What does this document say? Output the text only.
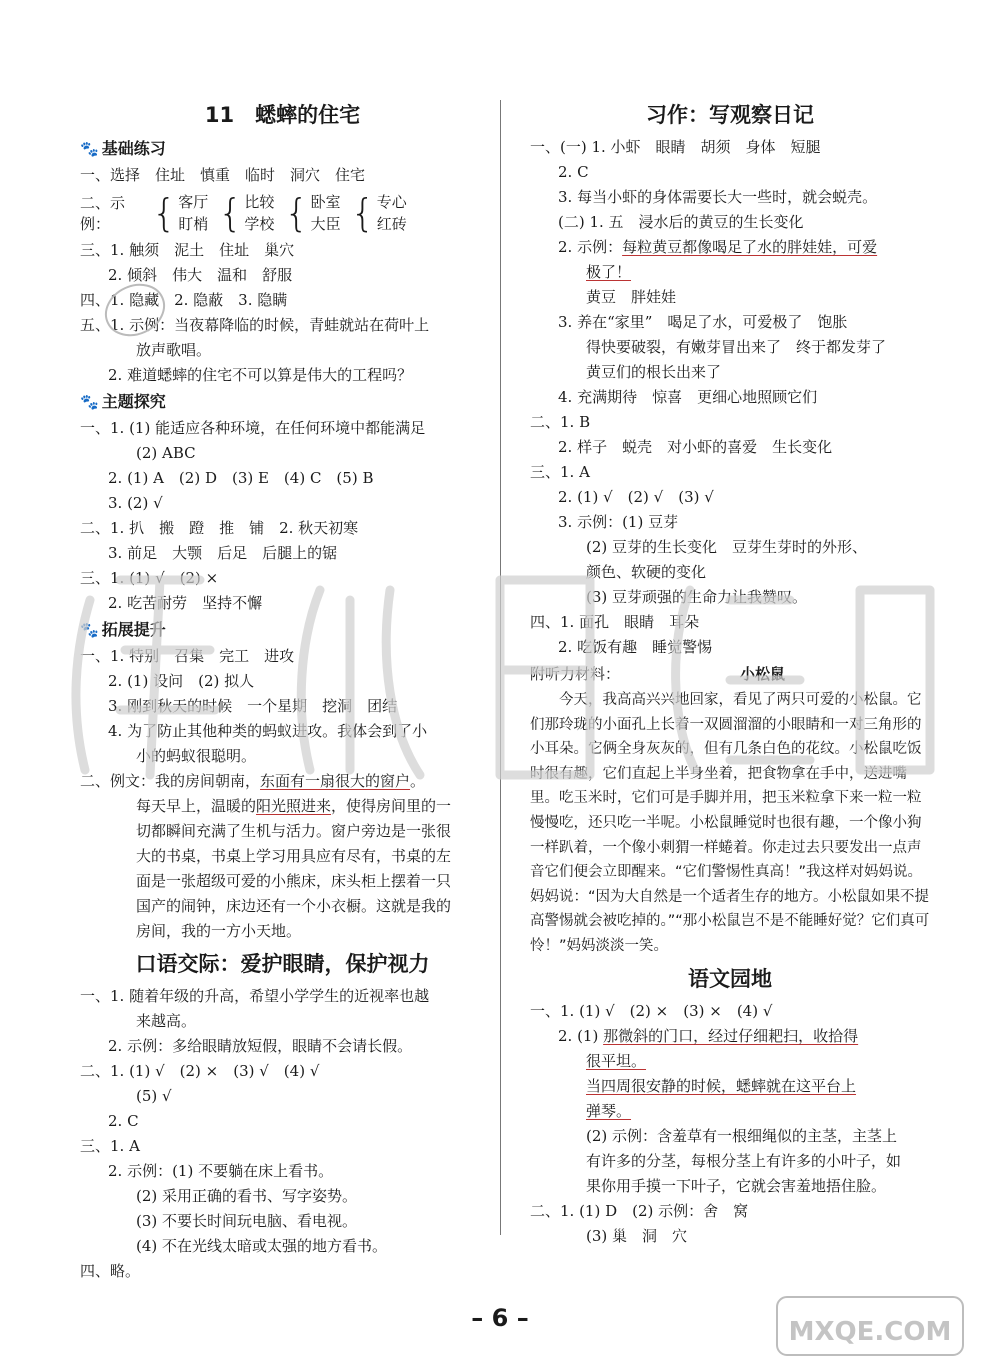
11　蟋蟀的住宅
🐾 基础练习
一、选择　住址　慎重　临时　洞穴　住宅
二、示例：	{ 客厅
盯梢 { 比较
学校 { 卧室
大臣 { 专心
红砖
三、1. 触须　泥土　住址　巢穴
2. 倾斜　伟大　温和　舒服
四、1. 隐藏　2. 隐蔽　3. 隐瞒
五、1. 示例：当夜幕降临的时候，青蛙就站在荷叶上
放声歌唱。
2. 难道蟋蟀的住宅不可以算是伟大的工程吗？
🐾 主题探究
一、1. (1) 能适应各种环境，在任何环境中都能满足
(2) ABC
2. (1) A　(2) D　(3) E　(4) C　(5) B
3. (2) √
二、1. 扒　搬　蹬　推　铺　2. 秋天初寒
3. 前足　大颚　后足　后腿上的锯
三、1. (1) √　(2) ×
2. 吃苦耐劳　坚持不懈
🐾 拓展提升
一、1. 特别　召集　完工　进攻
2. (1) 设问　(2) 拟人
3. 刚到秋天的时候　一个星期　挖洞　团结
4. 为了防止其他种类的蚂蚁进攻。我体会到了小
小的蚂蚁很聪明。
二、例文：我的房间朝南，东面有一扇很大的窗户。
每天早上，温暖的阳光照进来，使得房间里的一
切都瞬间充满了生机与活力。窗户旁边是一张很
大的书桌，书桌上学习用具应有尽有，书桌的左
面是一张超级可爱的小熊床，床头柜上摆着一只
国产的闹钟，床边还有一个小衣橱。这就是我的
房间，我的一方小天地。
口语交际：爱护眼睛，保护视力
一、1. 随着年级的升高，希望小学学生的近视率也越
来越高。
2. 示例：多给眼睛放短假，眼睛不会请长假。
二、1. (1) √　(2) ×　(3) √　(4) √
(5) √
2. C
三、1. A
2. 示例：(1) 不要躺在床上看书。
(2) 采用正确的看书、写字姿势。
(3) 不要长时间玩电脑、看电视。
(4) 不在光线太暗或太强的地方看书。
四、略。
习作：写观察日记
一、(一) 1. 小虾　眼睛　胡须　身体　短腿
2. C
3. 每当小虾的身体需要长大一些时，就会蜕壳。
(二) 1. 五　浸水后的黄豆的生长变化
2. 示例：每粒黄豆都像喝足了水的胖娃娃，可爱
极了！
黄豆　胖娃娃
3. 养在“家里”　喝足了水，可爱极了　饱胀
得快要破裂，有嫩芽冒出来了　终于都发芽了
黄豆们的根长出来了
4. 充满期待　惊喜　更细心地照顾它们
二、1. B
2. 样子　蜕壳　对小虾的喜爱　生长变化
三、1. A
2. (1) √　(2) √　(3) √
3. 示例：(1) 豆芽
(2) 豆芽的生长变化　豆芽生芽时的外形、
颜色、软硬的变化
(3) 豆芽顽强的生命力让我赞叹。
四、1. 面孔　眼睛　耳朵
2. 吃饭有趣　睡觉警惕
附听力材料：	小松鼠

今天，我高高兴兴地回家，看见了两只可爱的小松鼠。它们那玲珑的小面孔上长着一双圆溜溜的小眼睛和一对三角形的小耳朵。它俩全身灰灰的，但有几条白色的花纹。小松鼠吃饭时很有趣，它们直起上半身坐着，把食物拿在手中，送进嘴里。吃玉米时，它们可是手脚并用，把玉米粒拿下来一粒一粒慢慢吃，还只吃一半呢。小松鼠睡觉时也很有趣，一个像小狗一样趴着，一个像小刺猬一样蜷着。你走过去只要发出一点声音它们便会立即醒来。“它们警惕性真高！”我这样对妈妈说。妈妈说：“因为大自然是一个适者生存的地方。小松鼠如果不提高警惕就会被吃掉的。”“那小松鼠岂不是不能睡好觉？它们真可怜！”妈妈淡淡一笑。

语文园地
一、1. (1) √　(2) ×　(3) ×　(4) √
2. (1) 那微斜的门口，经过仔细耙扫，收拾得
很平坦。
当四周很安静的时候，蟋蟀就在这平台上
弹琴。
(2) 示例：含羞草有一根细绳似的主茎，主茎上
有许多的分茎，每根分茎上有许多的小叶子，如
果你用手摸一下叶子，它就会害羞地捂住脸。
二、1. (1) D　(2) 示例：舍　窝
(3) 巢　洞　穴
– 6 –	MXQE.COM
